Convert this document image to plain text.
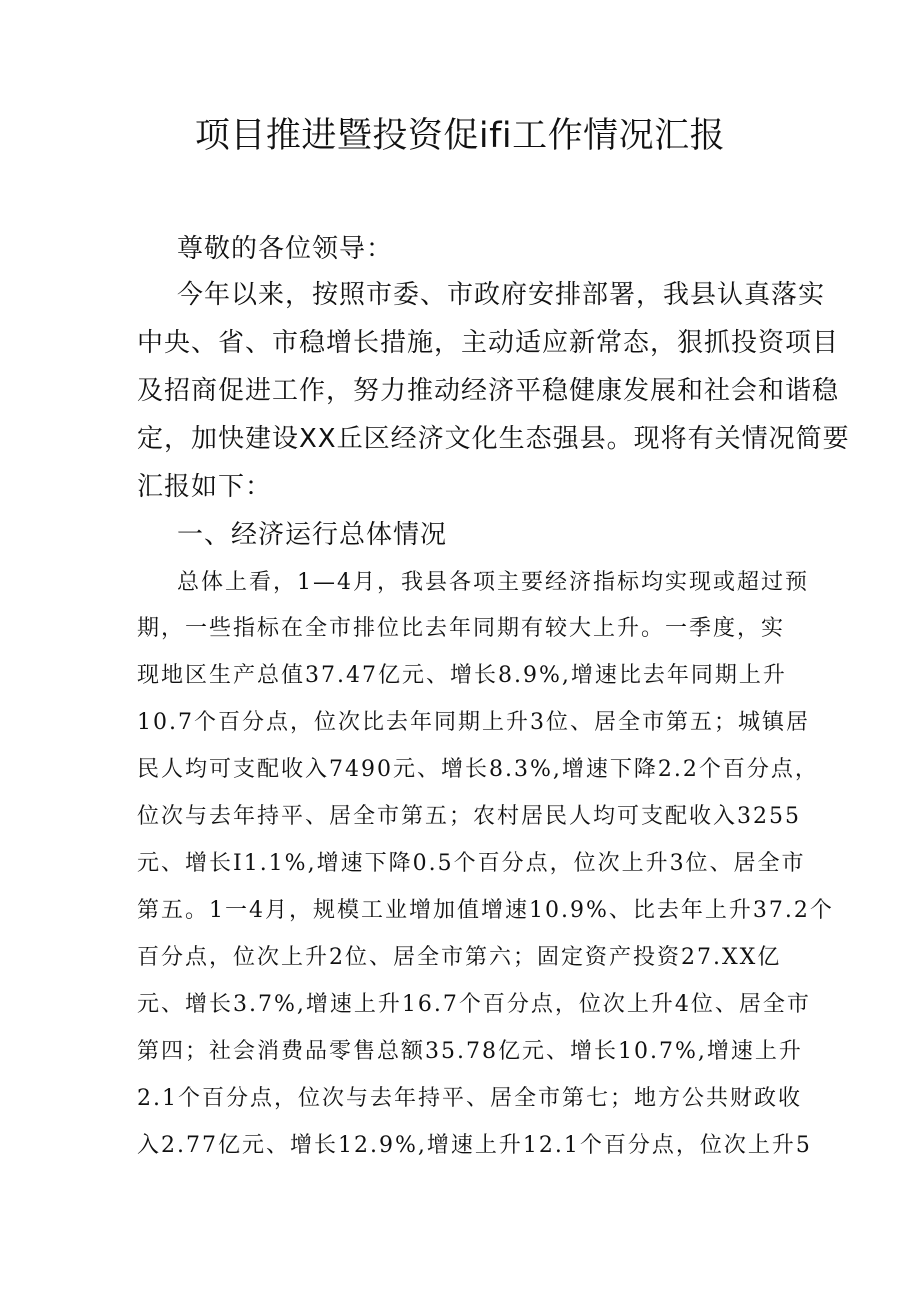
项目推进暨投资促ifi工作情况汇报
尊敬的各位领导：
今年以来，按照市委、市政府安排部署，我县认真落实
中央、省、市稳增长措施，主动适应新常态，狠抓投资项目
及招商促进工作，努力推动经济平稳健康发展和社会和谐稳
定，加快建设XX丘区经济文化生态强县。现将有关情况简要
汇报如下：
一、经济运行总体情况
总体上看，1—4月，我县各项主要经济指标均实现或超过预
期，一些指标在全市排位比去年同期有较大上升。一季度，实
现地区生产总值37.47亿元、增长8.9%,增速比去年同期上升
10.7个百分点，位次比去年同期上升3位、居全市第五；城镇居
民人均可支配收入7490元、增长8.3%,增速下降2.2个百分点，
位次与去年持平、居全市第五；农村居民人均可支配收入3255
元、增长I1.1%,增速下降0.5个百分点，位次上升3位、居全市
第五。1一4月，规模工业增加值增速10.9%、比去年上升37.2个
百分点，位次上升2位、居全市第六；固定资产投资27.XX亿
元、增长3.7%,增速上升16.7个百分点，位次上升4位、居全市
第四；社会消费品零售总额35.78亿元、增长10.7%,增速上升
2.1个百分点，位次与去年持平、居全市第七；地方公共财政收
入2.77亿元、增长12.9%,增速上升12.1个百分点，位次上升5
